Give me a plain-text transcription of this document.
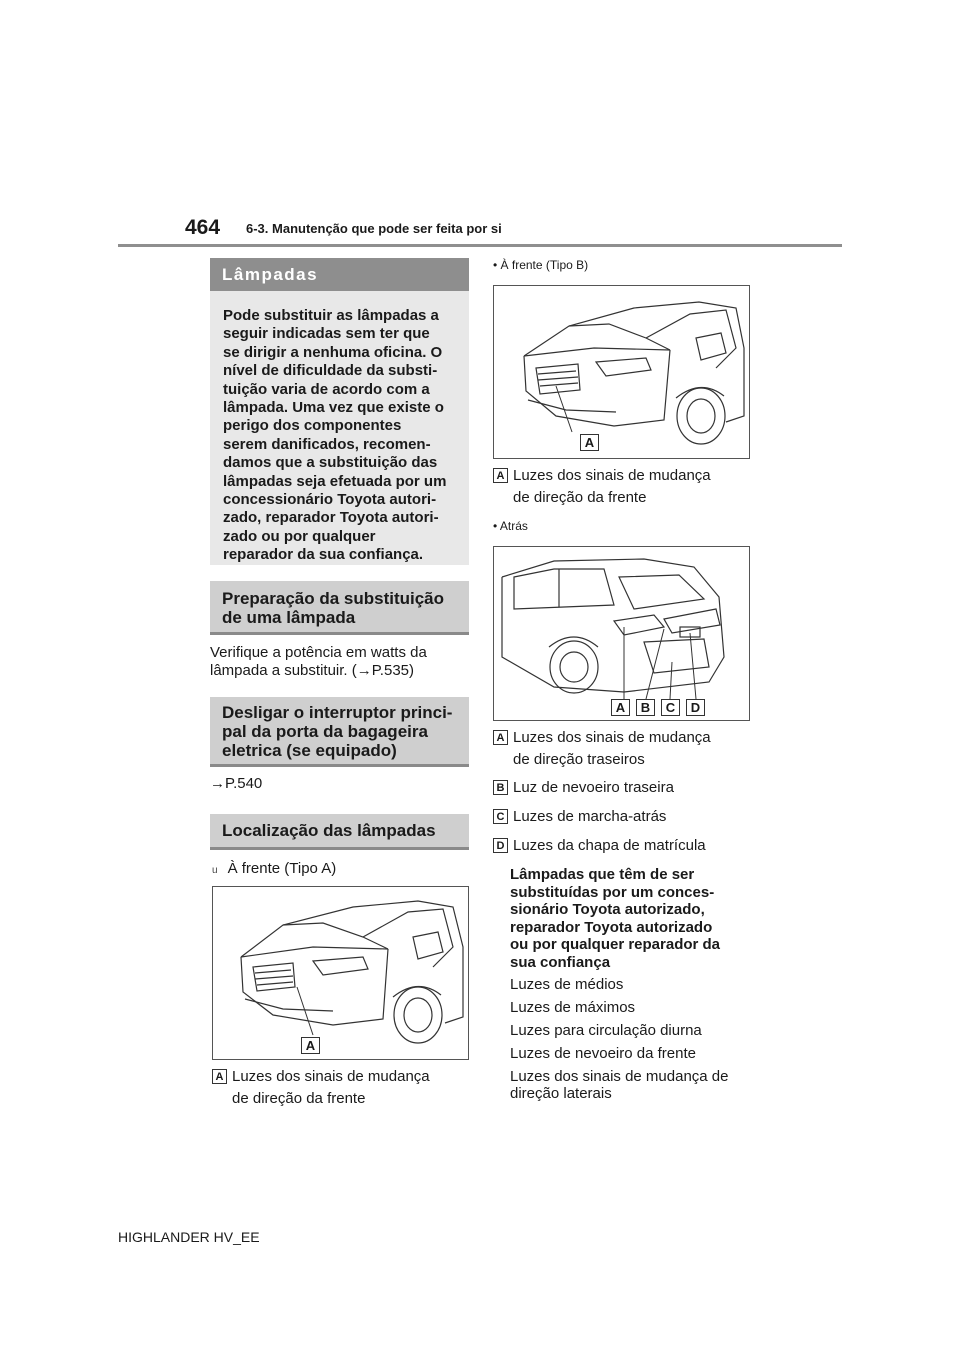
464 6-3. Manutenção que pode ser feita por si
Lâmpadas
Pode substituir as lâmpadas a
seguir indicadas sem ter que
se dirigir a nenhuma oficina. O
nível de dificuldade da substi-
tuição varia de acordo com a
lâmpada. Uma vez que existe o
perigo dos componentes
serem danificados, recomen-
damos que a substituição das
lâmpadas seja efetuada por um
concessionário Toyota autori-
zado, reparador Toyota autori-
zado ou por qualquer
reparador da sua confiança.
Preparação da substituição
de uma lâmpada
Verifique a potência em watts da
lâmpada a substituir. (→P.535)
Desligar o interruptor princi-
pal da porta da bagageira
eletrica (se equipado)
→P.540
Localização das lâmpadas
u À frente (Tipo A)
A
A Luzes dos sinais de mudança
de direção da frente
• À frente (Tipo B)
A
A Luzes dos sinais de mudança
de direção da frente
• Atrás
A	B	C	D
A Luzes dos sinais de mudança
de direção traseiros
B Luz de nevoeiro traseira
C Luzes de marcha-atrás
D Luzes da chapa de matrícula
Lâmpadas que têm de ser
substituídas por um conces-
sionário Toyota autorizado,
reparador Toyota autorizado
ou por qualquer reparador da
sua confiança
Luzes de médios
Luzes de máximos
Luzes para circulação diurna
Luzes de nevoeiro da frente
Luzes dos sinais de mudança de
direção laterais
HIGHLANDER HV_EE
